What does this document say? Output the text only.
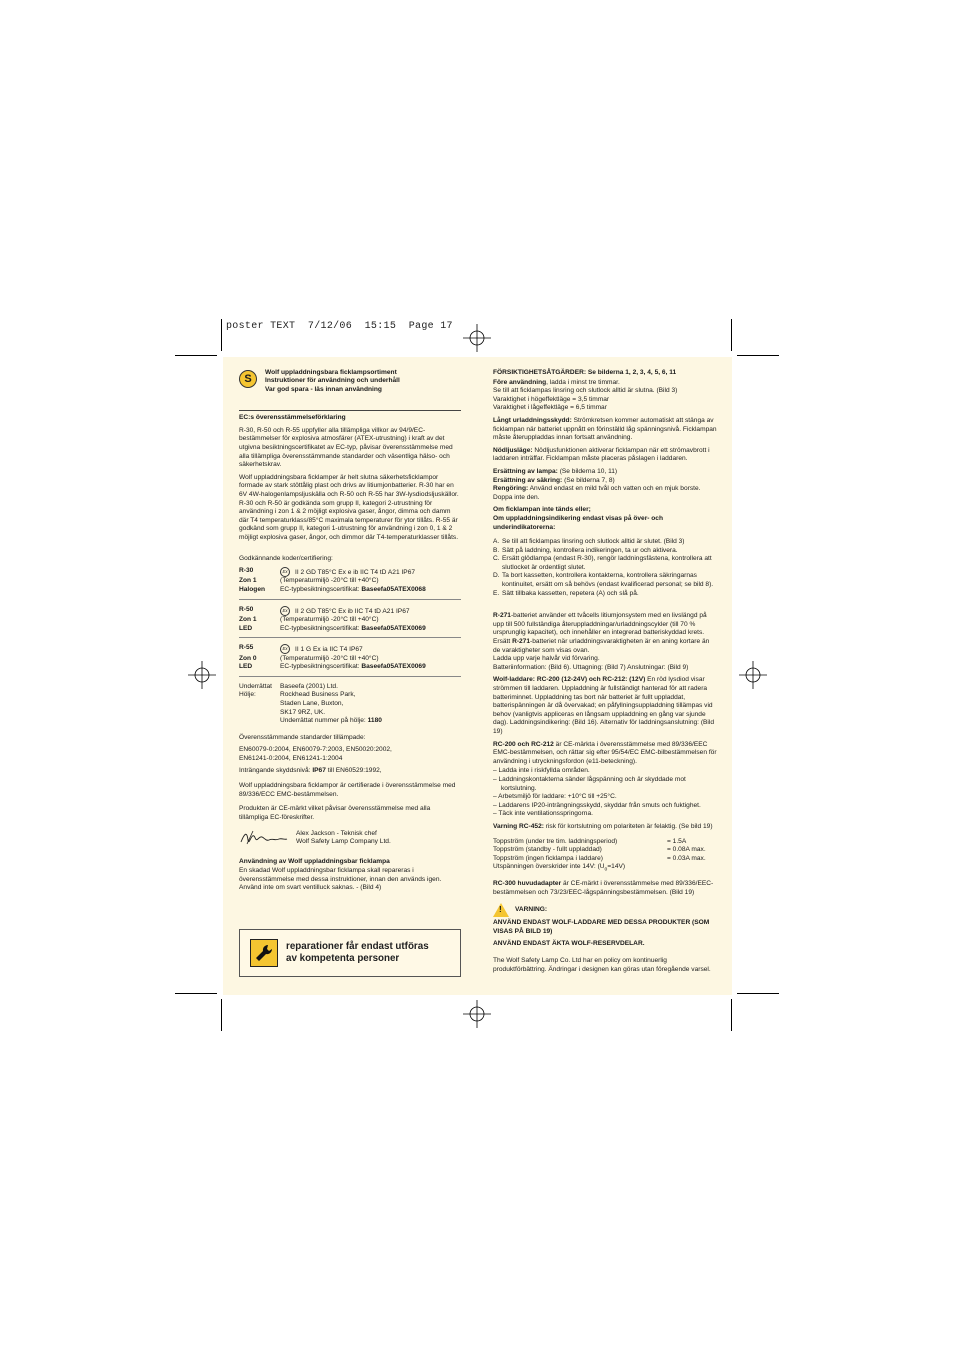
poster TEXT  7/12/06  15:15  Page 17
S
Wolf uppladdningsbara ficklampsortiment
Instruktioner för användning och underhåll
Var god spara - läs innan användning

EC:s överensstämmelseförklaring

R-30, R-50 och R-55 uppfyller alla tillämpliga villkor av 94/9/EC-bestämmelser för explosiva atmosfärer (ATEX-utrustning) i kraft av det utgivna besiktningscertifikatet av EC-typ, påvisar överensstämmelse med alla tillämpliga överensstämmande standarder och väsentliga hälso- och säkerhetskrav.

Wolf uppladdningsbara ficklamper är helt slutna säkerhetsficklampor formade av stark stöttålig plast och drivs av litiumjonbatterier. R-30 har en 6V 4W-halogenlampsljuskälla och R-50 och R-55 har 3W-lysdiodsljuskällor. R-30 och R-50 är godkända som grupp II, kategori 2-utrustning för användning i zon 1 & 2 möjligt explosiva gaser, ångor, dimma och damm där T4 temperaturklass/85°C maximala temperaturer för ytor tillåts. R-55 är godkänd som grupp II, kategori 1-utrustning för användning i zon 0, 1 & 2 möjligt explosiva gaser, ångor, och dimmor där T4-temperaturklasser tillåts.

Godkännande koder/certifiering:

R-30	Ex II 2 GD T85°C Ex e ib IIC T4 tD A21 IP67
Zon 1	(Temperaturmiljö -20°C till +40°C)
Halogen	EC-typbesiktningscertifikat: Baseefa05ATEX0068
R-50	Ex II 2 GD T85°C Ex ib IIC T4 tD A21 IP67
Zon 1	(Temperaturmiljö -20°C till +40°C)
LED	EC-typbesiktningscertifikat: Baseefa05ATEX0069
R-55	Ex II 1 G Ex ia IIC T4 IP67
Zon 0	(Temperaturmiljö -20°C till +40°C)
LED	EC-typbesiktningscertifikat: Baseefa05ATEX0069
Underrättat	Baseefa (2001) Ltd.
Hölje:	Rockhead Business Park,
Staden Lane, Buxton,
SK17 9RZ, UK.
Underrättat nummer på hölje: 1180

Överensstämmande standarder tillämpade:

EN60079-0:2004, EN60079-7:2003, EN50020:2002,
EN61241-0:2004, EN61241-1:2004

Inträngande skyddsnivå: IP67 till EN60529:1992,

Wolf uppladdningsbara ficklampor är certifierade i överensstämmelse med 89/336/ECC EMC-bestämmelsen.

Produkten är CE-märkt vilket påvisar överensstämmelse med alla tillämpliga EC-föreskrifter.

Alex Jackson - Teknisk chef
Wolf Safety Lamp Company Ltd.

Användning av Wolf uppladdningsbar ficklampa

En skadad Wolf uppladdningsbar ficklampa skall repareras i överensstämmelse med dessa instruktioner, innan den används igen. Använd inte om svart ventilluck saknas. - (Bild 4)

reparationer får endast utföras
av kompetenta personer

FÖRSIKTIGHETSÅTGÄRDER: Se bilderna 1, 2, 3, 4, 5, 6, 11

Före användning, ladda i minst tre timmar.

Se till att ficklampas linsring och slutlock alltid är slutna. (Bild 3)
Varaktighet i högeffektläge = 3,5 timmar

Varaktighet i lågeffektläge = 6,5 timmar

Långt urladdningsskydd: Strömkretsen kommer automatiskt att stänga av ficklampan när batteriet uppnått en förinställd låg spänningsnivå. Ficklampan måste återuppladdas innan fortsatt användning.

Nödljusläge: Nödljusfunktionen aktiverar ficklampan när ett strömavbrott i laddaren inträffar. Ficklampan måste placeras påslagen i laddaren.

Ersättning av lampa: (Se bilderna 10, 11)
Ersättning av säkring: (Se bilderna 7, 8)

Rengöring: Använd endast en mild tvål och vatten och en mjuk borste. Doppa inte den.

Om ficklampan inte tänds eller;

Om uppladdningsindikering endast visas på över- och underindikatorerna:

A. Se till att ficklampas linsring och slutlock alltid är slutet. (Bild 3)
B. Sätt på laddning, kontrollera indikeringen, ta ur och aktivera.
C. Ersätt glödlampa (endast R-30), rengör laddningsfästena, kontrollera att slutlocket är ordentligt slutet.
D. Ta bort kassetten, kontrollera kontakterna, kontrollera säkringarnas kontinuitet, ersätt om så behövs (endast kvalificerad personal; se bild 8).
E. Sätt tillbaka kassetten, repetera (A) och slå på.
R-271-batteriet använder ett tvåcells litiumjonsystem med en livslängd på upp till 500 fullständiga återuppladdningar/urladdningscykler (till 70 % ursprunglig kapacitet), och innehåller en integrerad batteriskyddad krets. Ersätt R-271-batteriet när urladdningsvaraktigheten är en aning kortare än de varaktigheter som visas ovan.
Ladda upp varje halvår vid förvaring.

Batteriinformation: (Bild 6). Uttagning: (Bild 7) Anslutningar: (Bild 9)

Wolf-laddare: RC-200 (12-24V) och RC-212: (12V) En röd lysdiod visar strömmen till laddaren. Uppladdning är fullständigt hanterad för att radera batteriminnet. Uppladdning tas bort när batteriet är fullt uppladdat, batterispänningen är då övervakad; en påfyllningsuppladdning tillämpas vid behov (vanligtvis appliceras en långsam uppladdning en gång var sjunde dag). Laddningsindikering: (Bild 16). Alternativ för laddningsanslutning: (Bild 19)

RC-200 och RC-212 är CE-märkta i överensstämmelse med 89/336/EEC EMC-bestämmelsen, och rättar sig efter 95/54/EC EMC-bilbestämmelsen för användning i utryckningsfordon (e11-beteckning).

– Ladda inte i riskfyllda områden.
– Laddningskontakterna sänder lågspänning och är skyddade mot kortslutning.
– Arbetsmiljö för laddare: +10°C till +25°C.
– Laddarens IP20-inträngningsskydd, skyddar från smuts och fuktighet.
– Täck inte ventilationsspringorna.

Varning RC-452: risk för kortslutning om polariteten är felaktig. (Se bild 19)

Toppström (under tre tim. laddningsperiod)	= 1.5A
Toppström (standby - fullt uppladdad)	= 0.08A max.
Toppström (ingen ficklampa i laddare)	= 0.03A max.

Utspänningen överskrider inte 14V: $(U_o=14V)$

RC-300 huvudadapter är CE-märkt i överensstämmelse med 89/336/EEC-bestämmelsen och 73/23/EEC-lågspänningsbestämmelsen. (Bild 19)

! VARNING:

ANVÄND ENDAST WOLF-LADDARE MED DESSA PRODUKTER (SOM VISAS PÅ BILD 19)

ANVÄND ENDAST ÄKTA WOLF-RESERVDELAR.

The Wolf Safety Lamp Co. Ltd har en policy om kontinuerlig produktförbättring. Ändringar i designen kan göras utan föregående varsel.
